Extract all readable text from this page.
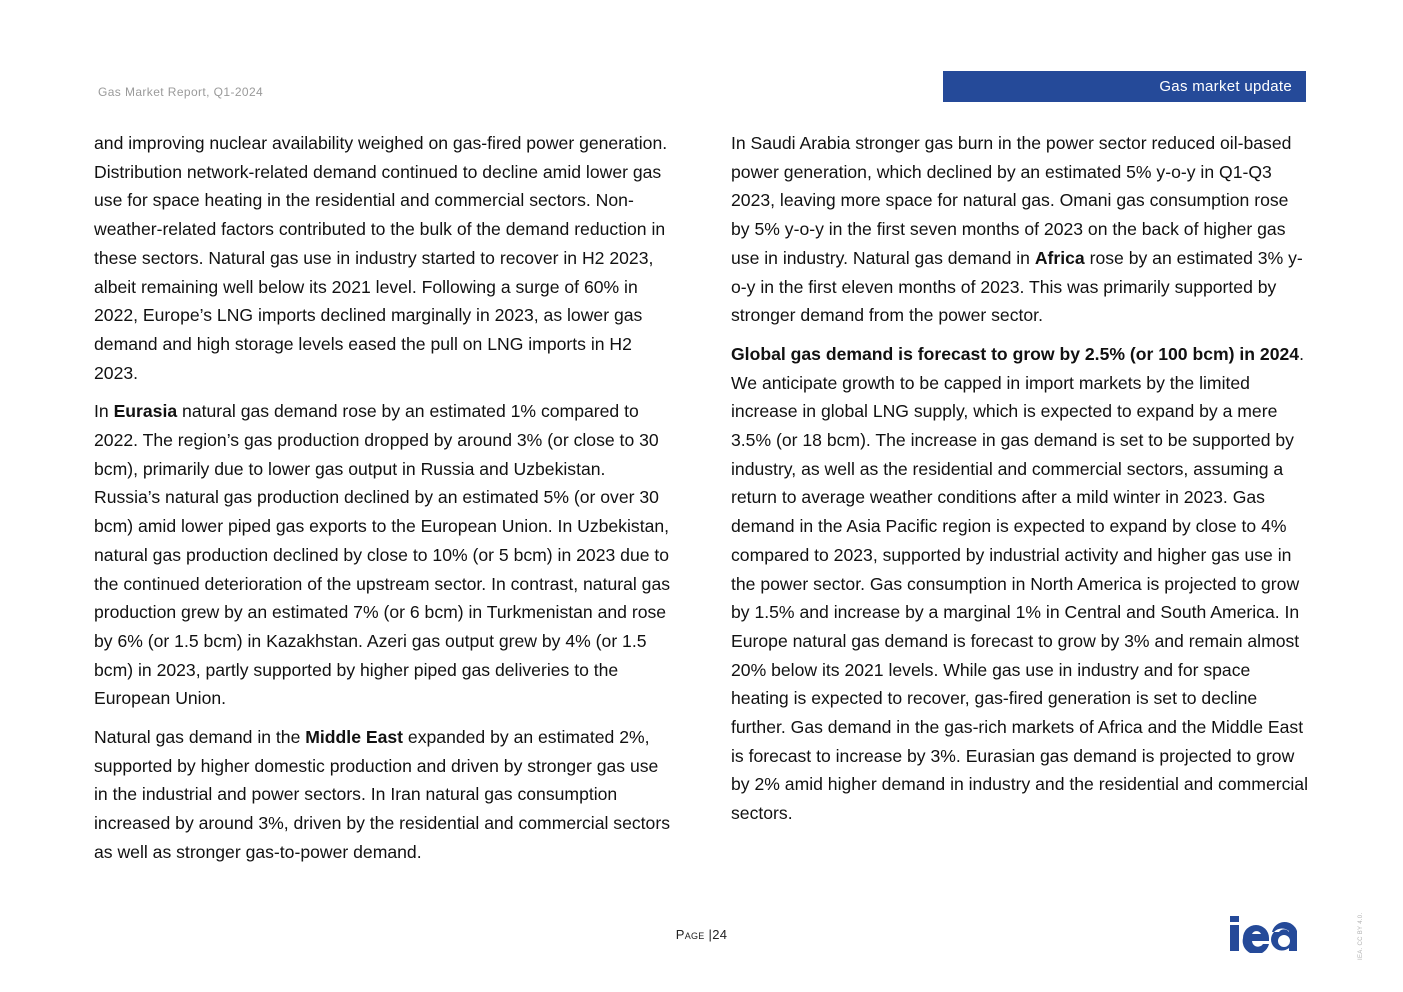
Gas Market Report, Q1-2024	Gas market update

and improving nuclear availability weighed on gas-fired power generation. Distribution network-related demand continued to decline amid lower gas use for space heating in the residential and commercial sectors. Non-weather-related factors contributed to the bulk of the demand reduction in these sectors. Natural gas use in industry started to recover in H2 2023, albeit remaining well below its 2021 level. Following a surge of 60% in 2022, Europe’s LNG imports declined marginally in 2023, as lower gas demand and high storage levels eased the pull on LNG imports in H2 2023.

In Eurasia natural gas demand rose by an estimated 1% compared to 2022. The region’s gas production dropped by around 3% (or close to 30 bcm), primarily due to lower gas output in Russia and Uzbekistan. Russia’s natural gas production declined by an estimated 5% (or over 30 bcm) amid lower piped gas exports to the European Union. In Uzbekistan, natural gas production declined by close to 10% (or 5 bcm) in 2023 due to the continued deterioration of the upstream sector. In contrast, natural gas production grew by an estimated 7% (or 6 bcm) in Turkmenistan and rose by 6% (or 1.5 bcm) in Kazakhstan. Azeri gas output grew by 4% (or 1.5 bcm) in 2023, partly supported by higher piped gas deliveries to the European Union.

Natural gas demand in the Middle East expanded by an estimated 2%, supported by higher domestic production and driven by stronger gas use in the industrial and power sectors. In Iran natural gas consumption increased by around 3%, driven by the residential and commercial sectors as well as stronger gas-to-power demand.

In Saudi Arabia stronger gas burn in the power sector reduced oil-based power generation, which declined by an estimated 5% y-o-y in Q1-Q3 2023, leaving more space for natural gas. Omani gas consumption rose by 5% y-o-y in the first seven months of 2023 on the back of higher gas use in industry. Natural gas demand in Africa rose by an estimated 3% y-o-y in the first eleven months of 2023. This was primarily supported by stronger demand from the power sector.

Global gas demand is forecast to grow by 2.5% (or 100 bcm) in 2024. We anticipate growth to be capped in import markets by the limited increase in global LNG supply, which is expected to expand by a mere 3.5% (or 18 bcm). The increase in gas demand is set to be supported by industry, as well as the residential and commercial sectors, assuming a return to average weather conditions after a mild winter in 2023. Gas demand in the Asia Pacific region is expected to expand by close to 4% compared to 2023, supported by industrial activity and higher gas use in the power sector. Gas consumption in North America is projected to grow by 1.5% and increase by a marginal 1% in Central and South America. In Europe natural gas demand is forecast to grow by 3% and remain almost 20% below its 2021 levels. While gas use in industry and for space heating is expected to recover, gas-fired generation is set to decline further. Gas demand in the gas-rich markets of Africa and the Middle East is forecast to increase by 3%. Eurasian gas demand is projected to grow by 2% amid higher demand in industry and the residential and commercial sectors.

Page |24	iea	IEA. CC BY 4.0.
